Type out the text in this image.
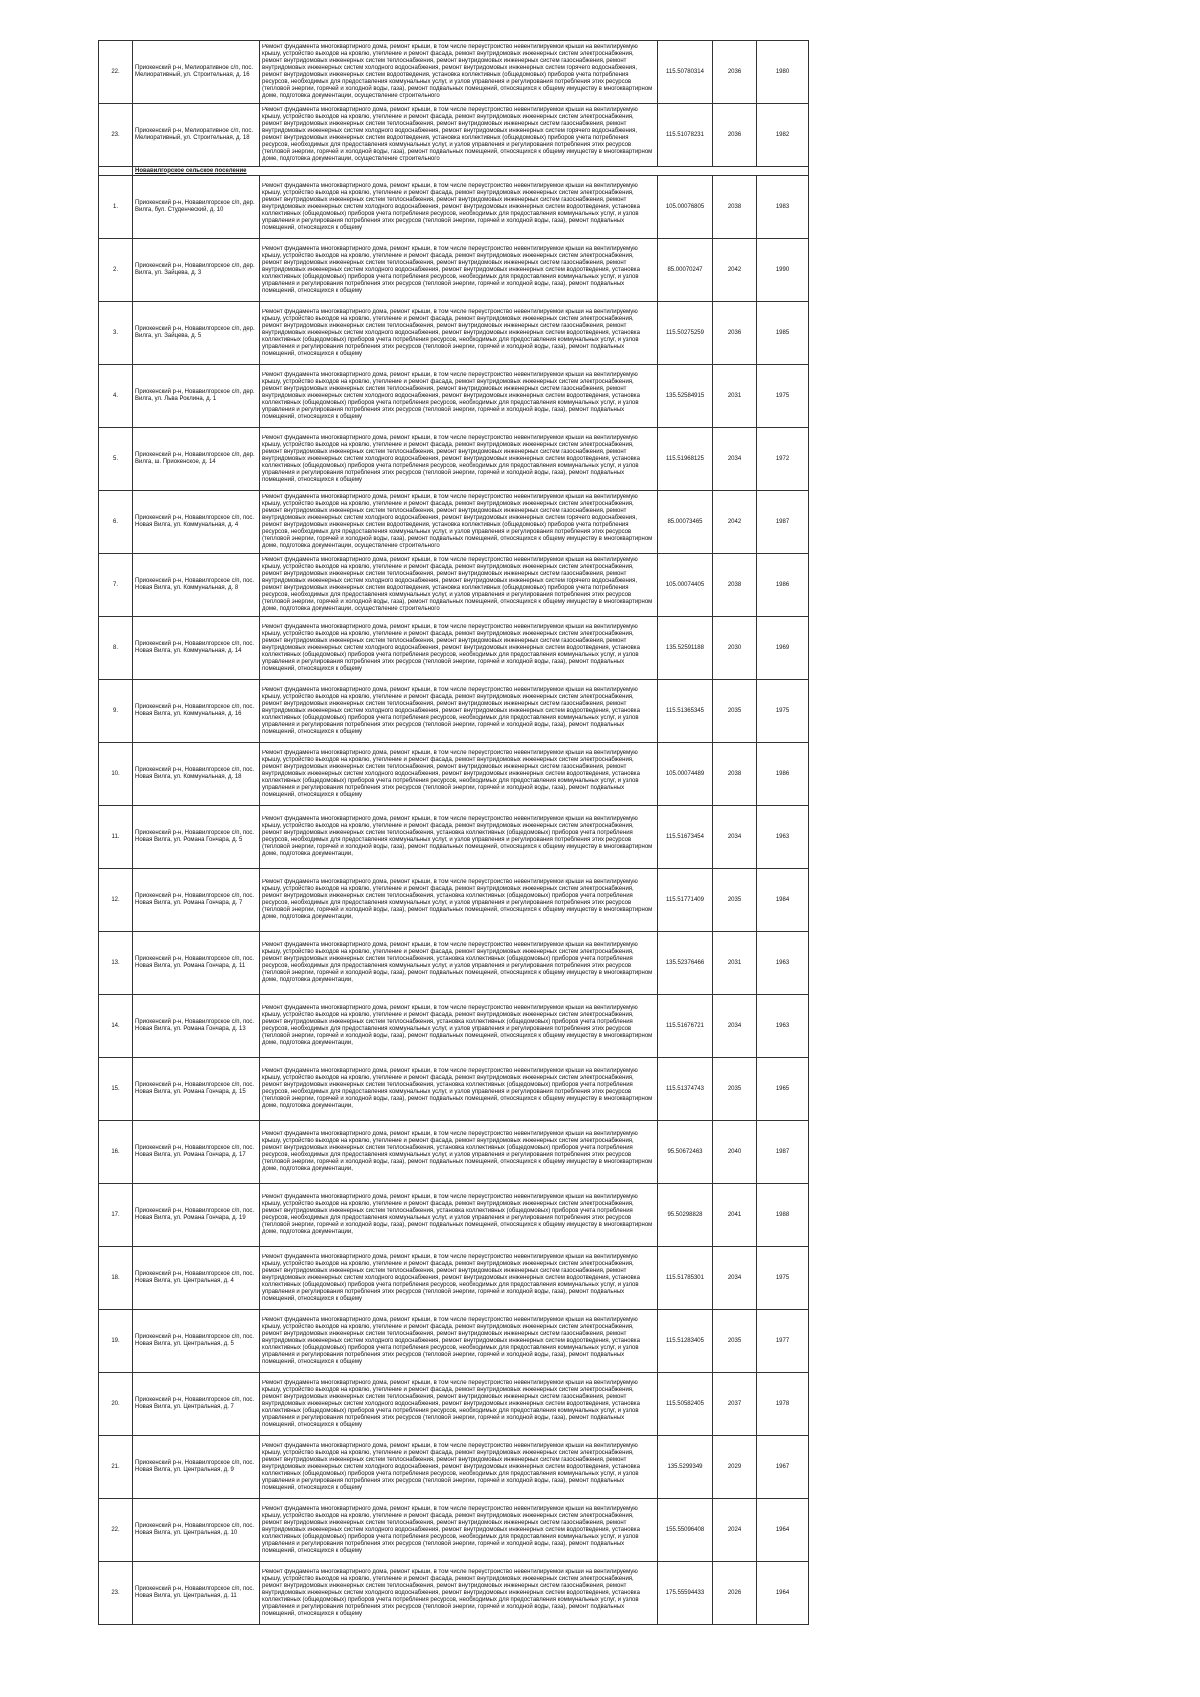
22.	Приокенский р-н, Мелиоративное с/п, пос. Мелиоративный, ул. Строительная, д. 16	Ремонт фундамента многоквартирного дома, ремонт крыши, в том числе переустройство невентилируемой крыши на вентилируемую крышу, устройство выходов на кровлю, утепление и ремонт фасада, ремонт внутридомовых инженерных систем электроснабжения, ремонт внутридомовых инженерных систем теплоснабжения, ремонт внутридомовых инженерных систем газоснабжения, ремонт внутридомовых инженерных систем холодного водоснабжения, ремонт внутридомовых инженерных систем горячего водоснабжения, ремонт внутридомовых инженерных систем водоотведения, установка коллективных (общедомовых) приборов учета потребления ресурсов, необходимых для предоставления коммунальных услуг, и узлов управления и регулирования потребления этих ресурсов (тепловой энергии, горячей и холодной воды, газа), ремонт подвальных помещений, относящихся к общему имуществу в многоквартирном доме, подготовка документации, осуществление строительного	115.50780314	2036	1980
23.	Приокенский р-н, Мелиоративное с/п, пос. Мелиоративный, ул. Строительная, д. 18	Ремонт фундамента многоквартирного дома, ремонт крыши, в том числе переустройство невентилируемой крыши на вентилируемую крышу, устройство выходов на кровлю, утепление и ремонт фасада, ремонт внутридомовых инженерных систем электроснабжения, ремонт внутридомовых инженерных систем теплоснабжения, ремонт внутридомовых инженерных систем газоснабжения, ремонт внутридомовых инженерных систем холодного водоснабжения, ремонт внутридомовых инженерных систем горячего водоснабжения, ремонт внутридомовых инженерных систем водоотведения, установка коллективных (общедомовых) приборов учета потребления ресурсов, необходимых для предоставления коммунальных услуг, и узлов управления и регулирования потребления этих ресурсов (тепловой энергии, горячей и холодной воды, газа), ремонт подвальных помещений, относящихся к общему имуществу в многоквартирном доме, подготовка документации, осуществление строительного	115.51078231	2036	1982
	Новавилгорское сельское поселение				
1.	Приокенский р-н, Новавилгорское с/п, дер. Вилга, бул. Студенческий, д. 10	Ремонт фундамента многоквартирного дома, ремонт крыши, в том числе переустройство невентилируемой крыши на вентилируемую крышу, устройство выходов на кровлю, утепление и ремонт фасада, ремонт внутридомовых инженерных систем электроснабжения, ремонт внутридомовых инженерных систем теплоснабжения, ремонт внутридомовых инженерных систем газоснабжения, ремонт внутридомовых инженерных систем холодного водоснабжения, ремонт внутридомовых инженерных систем водоотведения, установка коллективных (общедомовых) приборов учета потребления ресурсов, необходимых для предоставления коммунальных услуг, и узлов управления и регулирования потребления этих ресурсов (тепловой энергии, горячей и холодной воды, газа), ремонт подвальных помещений, относящихся к общему	105.00076805	2038	1983
2.	Приокенский р-н, Новавилгорское с/п, дер. Вилга, ул. Зайцева, д. 3	Ремонт фундамента многоквартирного дома, ремонт крыши, в том числе переустройство невентилируемой крыши на вентилируемую крышу, устройство выходов на кровлю, утепление и ремонт фасада, ремонт внутридомовых инженерных систем электроснабжения, ремонт внутридомовых инженерных систем теплоснабжения, ремонт внутридомовых инженерных систем газоснабжения, ремонт внутридомовых инженерных систем холодного водоснабжения, ремонт внутридомовых инженерных систем водоотведения, установка коллективных (общедомовых) приборов учета потребления ресурсов, необходимых для предоставления коммунальных услуг, и узлов управления и регулирования потребления этих ресурсов (тепловой энергии, горячей и холодной воды, газа), ремонт подвальных помещений, относящихся к общему	85.00070247	2042	1990
3.	Приокенский р-н, Новавилгорское с/п, дер. Вилга, ул. Зайцева, д. 5	Ремонт фундамента многоквартирного дома, ремонт крыши, в том числе переустройство невентилируемой крыши на вентилируемую крышу, устройство выходов на кровлю, утепление и ремонт фасада, ремонт внутридомовых инженерных систем электроснабжения, ремонт внутридомовых инженерных систем теплоснабжения, ремонт внутридомовых инженерных систем газоснабжения, ремонт внутридомовых инженерных систем холодного водоснабжения, ремонт внутридомовых инженерных систем водоотведения, установка коллективных (общедомовых) приборов учета потребления ресурсов, необходимых для предоставления коммунальных услуг, и узлов управления и регулирования потребления этих ресурсов (тепловой энергии, горячей и холодной воды, газа), ремонт подвальных помещений, относящихся к общему	115.50275259	2036	1985
4.	Приокенский р-н, Новавилгорское с/п, дер. Вилга, ул. Льва Роклина, д. 1	Ремонт фундамента многоквартирного дома, ремонт крыши, в том числе переустройство невентилируемой крыши на вентилируемую крышу, устройство выходов на кровлю, утепление и ремонт фасада, ремонт внутридомовых инженерных систем электроснабжения, ремонт внутридомовых инженерных систем теплоснабжения, ремонт внутридомовых инженерных систем газоснабжения, ремонт внутридомовых инженерных систем холодного водоснабжения, ремонт внутридомовых инженерных систем водоотведения, установка коллективных (общедомовых) приборов учета потребления ресурсов, необходимых для предоставления коммунальных услуг, и узлов управления и регулирования потребления этих ресурсов (тепловой энергии, горячей и холодной воды, газа), ремонт подвальных помещений, относящихся к общему	135.52584915	2031	1975
5.	Приокенский р-н, Новавилгорское с/п, дер. Вилга, ш. Приокенское, д. 14	Ремонт фундамента многоквартирного дома, ремонт крыши, в том числе переустройство невентилируемой крыши на вентилируемую крышу, устройство выходов на кровлю, утепление и ремонт фасада, ремонт внутридомовых инженерных систем электроснабжения, ремонт внутридомовых инженерных систем теплоснабжения, ремонт внутридомовых инженерных систем газоснабжения, ремонт внутридомовых инженерных систем холодного водоснабжения, ремонт внутридомовых инженерных систем водоотведения, установка коллективных (общедомовых) приборов учета потребления ресурсов, необходимых для предоставления коммунальных услуг, и узлов управления и регулирования потребления этих ресурсов (тепловой энергии, горячей и холодной воды, газа), ремонт подвальных помещений, относящихся к общему	115.51968125	2034	1972
6.	Приокенский р-н, Новавилгорское с/п, пос. Новая Вилга, ул. Коммунальная, д. 4	Ремонт фундамента многоквартирного дома, ремонт крыши, в том числе переустройство невентилируемой крыши на вентилируемую крышу, устройство выходов на кровлю, утепление и ремонт фасада, ремонт внутридомовых инженерных систем электроснабжения, ремонт внутридомовых инженерных систем теплоснабжения, ремонт внутридомовых инженерных систем газоснабжения, ремонт внутридомовых инженерных систем холодного водоснабжения, ремонт внутридомовых инженерных систем горячего водоснабжения, ремонт внутридомовых инженерных систем водоотведения, установка коллективных (общедомовых) приборов учета потребления ресурсов, необходимых для предоставления коммунальных услуг, и узлов управления и регулирования потребления этих ресурсов (тепловой энергии, горячей и холодной воды, газа), ремонт подвальных помещений, относящихся к общему имуществу в многоквартирном доме, подготовка документации, осуществление строительного	85.00073465	2042	1987
7.	Приокенский р-н, Новавилгорское с/п, пос. Новая Вилга, ул. Коммунальная, д. 8	Ремонт фундамента многоквартирного дома, ремонт крыши, в том числе переустройство невентилируемой крыши на вентилируемую крышу, устройство выходов на кровлю, утепление и ремонт фасада, ремонт внутридомовых инженерных систем электроснабжения, ремонт внутридомовых инженерных систем теплоснабжения, ремонт внутридомовых инженерных систем газоснабжения, ремонт внутридомовых инженерных систем холодного водоснабжения, ремонт внутридомовых инженерных систем горячего водоснабжения, ремонт внутридомовых инженерных систем водоотведения, установка коллективных (общедомовых) приборов учета потребления ресурсов, необходимых для предоставления коммунальных услуг, и узлов управления и регулирования потребления этих ресурсов (тепловой энергии, горячей и холодной воды, газа), ремонт подвальных помещений, относящихся к общему имуществу в многоквартирном доме, подготовка документации, осуществление строительного	105.00074405	2038	1986
8.	Приокенский р-н, Новавилгорское с/п, пос. Новая Вилга, ул. Коммунальная, д. 14	Ремонт фундамента многоквартирного дома, ремонт крыши, в том числе переустройство невентилируемой крыши на вентилируемую крышу, устройство выходов на кровлю, утепление и ремонт фасада, ремонт внутридомовых инженерных систем электроснабжения, ремонт внутридомовых инженерных систем теплоснабжения, ремонт внутридомовых инженерных систем газоснабжения, ремонт внутридомовых инженерных систем холодного водоснабжения, ремонт внутридомовых инженерных систем водоотведения, установка коллективных (общедомовых) приборов учета потребления ресурсов, необходимых для предоставления коммунальных услуг, и узлов управления и регулирования потребления этих ресурсов (тепловой энергии, горячей и холодной воды, газа), ремонт подвальных помещений, относящихся к общему	135.52591188	2030	1969
9.	Приокенский р-н, Новавилгорское с/п, пос. Новая Вилга, ул. Коммунальная, д. 16	Ремонт фундамента многоквартирного дома, ремонт крыши, в том числе переустройство невентилируемой крыши на вентилируемую крышу, устройство выходов на кровлю, утепление и ремонт фасада, ремонт внутридомовых инженерных систем электроснабжения, ремонт внутридомовых инженерных систем теплоснабжения, ремонт внутридомовых инженерных систем газоснабжения, ремонт внутридомовых инженерных систем холодного водоснабжения, ремонт внутридомовых инженерных систем водоотведения, установка коллективных (общедомовых) приборов учета потребления ресурсов, необходимых для предоставления коммунальных услуг, и узлов управления и регулирования потребления этих ресурсов (тепловой энергии, горячей и холодной воды, газа), ремонт подвальных помещений, относящихся к общему	115.51365345	2035	1975
10.	Приокенский р-н, Новавилгорское с/п, пос. Новая Вилга, ул. Коммунальная, д. 18	Ремонт фундамента многоквартирного дома, ремонт крыши, в том числе переустройство невентилируемой крыши на вентилируемую крышу, устройство выходов на кровлю, утепление и ремонт фасада, ремонт внутридомовых инженерных систем электроснабжения, ремонт внутридомовых инженерных систем теплоснабжения, ремонт внутридомовых инженерных систем газоснабжения, ремонт внутридомовых инженерных систем холодного водоснабжения, ремонт внутридомовых инженерных систем водоотведения, установка коллективных (общедомовых) приборов учета потребления ресурсов, необходимых для предоставления коммунальных услуг, и узлов управления и регулирования потребления этих ресурсов (тепловой энергии, горячей и холодной воды, газа), ремонт подвальных помещений, относящихся к общему	105.00074489	2038	1986
11.	Приокенский р-н, Новавилгорское с/п, пос. Новая Вилга, ул. Романа Гончара, д. 5	Ремонт фундамента многоквартирного дома, ремонт крыши, в том числе переустройство невентилируемой крыши на вентилируемую крышу, устройство выходов на кровлю, утепление и ремонт фасада, ремонт внутридомовых инженерных систем электроснабжения, ремонт внутридомовых инженерных систем теплоснабжения, установка коллективных (общедомовых) приборов учета потребления ресурсов, необходимых для предоставления коммунальных услуг, и узлов управления и регулирования потребления этих ресурсов (тепловой энергии, горячей и холодной воды, газа), ремонт подвальных помещений, относящихся к общему имуществу в многоквартирном доме, подготовка документации,	115.51673454	2034	1963
12.	Приокенский р-н, Новавилгорское с/п, пос. Новая Вилга, ул. Романа Гончара, д. 7	Ремонт фундамента многоквартирного дома, ремонт крыши, в том числе переустройство невентилируемой крыши на вентилируемую крышу, устройство выходов на кровлю, утепление и ремонт фасада, ремонт внутридомовых инженерных систем электроснабжения, ремонт внутридомовых инженерных систем теплоснабжения, установка коллективных (общедомовых) приборов учета потребления ресурсов, необходимых для предоставления коммунальных услуг, и узлов управления и регулирования потребления этих ресурсов (тепловой энергии, горячей и холодной воды, газа), ремонт подвальных помещений, относящихся к общему имуществу в многоквартирном доме, подготовка документации,	115.51771409	2035	1984
13.	Приокенский р-н, Новавилгорское с/п, пос. Новая Вилга, ул. Романа Гончара, д. 11	Ремонт фундамента многоквартирного дома, ремонт крыши, в том числе переустройство невентилируемой крыши на вентилируемую крышу, устройство выходов на кровлю, утепление и ремонт фасада, ремонт внутридомовых инженерных систем электроснабжения, ремонт внутридомовых инженерных систем теплоснабжения, установка коллективных (общедомовых) приборов учета потребления ресурсов, необходимых для предоставления коммунальных услуг, и узлов управления и регулирования потребления этих ресурсов (тепловой энергии, горячей и холодной воды, газа), ремонт подвальных помещений, относящихся к общему имуществу в многоквартирном доме, подготовка документации,	135.52376466	2031	1963
14.	Приокенский р-н, Новавилгорское с/п, пос. Новая Вилга, ул. Романа Гончара, д. 13	Ремонт фундамента многоквартирного дома, ремонт крыши, в том числе переустройство невентилируемой крыши на вентилируемую крышу, устройство выходов на кровлю, утепление и ремонт фасада, ремонт внутридомовых инженерных систем электроснабжения, ремонт внутридомовых инженерных систем теплоснабжения, установка коллективных (общедомовых) приборов учета потребления ресурсов, необходимых для предоставления коммунальных услуг, и узлов управления и регулирования потребления этих ресурсов (тепловой энергии, горячей и холодной воды, газа), ремонт подвальных помещений, относящихся к общему имуществу в многоквартирном доме, подготовка документации,	115.51676721	2034	1963
15.	Приокенский р-н, Новавилгорское с/п, пос. Новая Вилга, ул. Романа Гончара, д. 15	Ремонт фундамента многоквартирного дома, ремонт крыши, в том числе переустройство невентилируемой крыши на вентилируемую крышу, устройство выходов на кровлю, утепление и ремонт фасада, ремонт внутридомовых инженерных систем электроснабжения, ремонт внутридомовых инженерных систем теплоснабжения, установка коллективных (общедомовых) приборов учета потребления ресурсов, необходимых для предоставления коммунальных услуг, и узлов управления и регулирования потребления этих ресурсов (тепловой энергии, горячей и холодной воды, газа), ремонт подвальных помещений, относящихся к общему имуществу в многоквартирном доме, подготовка документации,	115.51374743	2035	1965
16.	Приокенский р-н, Новавилгорское с/п, пос. Новая Вилга, ул. Романа Гончара, д. 17	Ремонт фундамента многоквартирного дома, ремонт крыши, в том числе переустройство невентилируемой крыши на вентилируемую крышу, устройство выходов на кровлю, утепление и ремонт фасада, ремонт внутридомовых инженерных систем электроснабжения, ремонт внутридомовых инженерных систем теплоснабжения, установка коллективных (общедомовых) приборов учета потребления ресурсов, необходимых для предоставления коммунальных услуг, и узлов управления и регулирования потребления этих ресурсов (тепловой энергии, горячей и холодной воды, газа), ремонт подвальных помещений, относящихся к общему имуществу в многоквартирном доме, подготовка документации,	95.50672463	2040	1987
17.	Приокенский р-н, Новавилгорское с/п, пос. Новая Вилга, ул. Романа Гончара, д. 19	Ремонт фундамента многоквартирного дома, ремонт крыши, в том числе переустройство невентилируемой крыши на вентилируемую крышу, устройство выходов на кровлю, утепление и ремонт фасада, ремонт внутридомовых инженерных систем электроснабжения, ремонт внутридомовых инженерных систем теплоснабжения, установка коллективных (общедомовых) приборов учета потребления ресурсов, необходимых для предоставления коммунальных услуг, и узлов управления и регулирования потребления этих ресурсов (тепловой энергии, горячей и холодной воды, газа), ремонт подвальных помещений, относящихся к общему имуществу в многоквартирном доме, подготовка документации,	95.50298828	2041	1988
18.	Приокенский р-н, Новавилгорское с/п, пос. Новая Вилга, ул. Центральная, д. 4	Ремонт фундамента многоквартирного дома, ремонт крыши, в том числе переустройство невентилируемой крыши на вентилируемую крышу, устройство выходов на кровлю, утепление и ремонт фасада, ремонт внутридомовых инженерных систем электроснабжения, ремонт внутридомовых инженерных систем теплоснабжения, ремонт внутридомовых инженерных систем газоснабжения, ремонт внутридомовых инженерных систем холодного водоснабжения, ремонт внутридомовых инженерных систем водоотведения, установка коллективных (общедомовых) приборов учета потребления ресурсов, необходимых для предоставления коммунальных услуг, и узлов управления и регулирования потребления этих ресурсов (тепловой энергии, горячей и холодной воды, газа), ремонт подвальных помещений, относящихся к общему	115.51785301	2034	1975
19.	Приокенский р-н, Новавилгорское с/п, пос. Новая Вилга, ул. Центральная, д. 5	Ремонт фундамента многоквартирного дома, ремонт крыши, в том числе переустройство невентилируемой крыши на вентилируемую крышу, устройство выходов на кровлю, утепление и ремонт фасада, ремонт внутридомовых инженерных систем электроснабжения, ремонт внутридомовых инженерных систем теплоснабжения, ремонт внутридомовых инженерных систем газоснабжения, ремонт внутридомовых инженерных систем холодного водоснабжения, ремонт внутридомовых инженерных систем водоотведения, установка коллективных (общедомовых) приборов учета потребления ресурсов, необходимых для предоставления коммунальных услуг, и узлов управления и регулирования потребления этих ресурсов (тепловой энергии, горячей и холодной воды, газа), ремонт подвальных помещений, относящихся к общему	115.51283405	2035	1977
20.	Приокенский р-н, Новавилгорское с/п, пос. Новая Вилга, ул. Центральная, д. 7	Ремонт фундамента многоквартирного дома, ремонт крыши, в том числе переустройство невентилируемой крыши на вентилируемую крышу, устройство выходов на кровлю, утепление и ремонт фасада, ремонт внутридомовых инженерных систем электроснабжения, ремонт внутридомовых инженерных систем теплоснабжения, ремонт внутридомовых инженерных систем газоснабжения, ремонт внутридомовых инженерных систем холодного водоснабжения, ремонт внутридомовых инженерных систем водоотведения, установка коллективных (общедомовых) приборов учета потребления ресурсов, необходимых для предоставления коммунальных услуг, и узлов управления и регулирования потребления этих ресурсов (тепловой энергии, горячей и холодной воды, газа), ремонт подвальных помещений, относящихся к общему	115.50582405	2037	1978
21.	Приокенский р-н, Новавилгорское с/п, пос. Новая Вилга, ул. Центральная, д. 9	Ремонт фундамента многоквартирного дома, ремонт крыши, в том числе переустройство невентилируемой крыши на вентилируемую крышу, устройство выходов на кровлю, утепление и ремонт фасада, ремонт внутридомовых инженерных систем электроснабжения, ремонт внутридомовых инженерных систем теплоснабжения, ремонт внутридомовых инженерных систем газоснабжения, ремонт внутридомовых инженерных систем холодного водоснабжения, ремонт внутридомовых инженерных систем водоотведения, установка коллективных (общедомовых) приборов учета потребления ресурсов, необходимых для предоставления коммунальных услуг, и узлов управления и регулирования потребления этих ресурсов (тепловой энергии, горячей и холодной воды, газа), ремонт подвальных помещений, относящихся к общему	135.5299349	2029	1967
22.	Приокенский р-н, Новавилгорское с/п, пос. Новая Вилга, ул. Центральная, д. 10	Ремонт фундамента многоквартирного дома, ремонт крыши, в том числе переустройство невентилируемой крыши на вентилируемую крышу, устройство выходов на кровлю, утепление и ремонт фасада, ремонт внутридомовых инженерных систем электроснабжения, ремонт внутридомовых инженерных систем теплоснабжения, ремонт внутридомовых инженерных систем газоснабжения, ремонт внутридомовых инженерных систем холодного водоснабжения, ремонт внутридомовых инженерных систем водоотведения, установка коллективных (общедомовых) приборов учета потребления ресурсов, необходимых для предоставления коммунальных услуг, и узлов управления и регулирования потребления этих ресурсов (тепловой энергии, горячей и холодной воды, газа), ремонт подвальных помещений, относящихся к общему	155.55096408	2024	1964
23.	Приокенский р-н, Новавилгорское с/п, пос. Новая Вилга, ул. Центральная, д. 11	Ремонт фундамента многоквартирного дома, ремонт крыши, в том числе переустройство невентилируемой крыши на вентилируемую крышу, устройство выходов на кровлю, утепление и ремонт фасада, ремонт внутридомовых инженерных систем электроснабжения, ремонт внутридомовых инженерных систем теплоснабжения, ремонт внутридомовых инженерных систем газоснабжения, ремонт внутридомовых инженерных систем холодного водоснабжения, ремонт внутридомовых инженерных систем водоотведения, установка коллективных (общедомовых) приборов учета потребления ресурсов, необходимых для предоставления коммунальных услуг, и узлов управления и регулирования потребления этих ресурсов (тепловой энергии, горячей и холодной воды, газа), ремонт подвальных помещений, относящихся к общему	175.55594433	2026	1964
